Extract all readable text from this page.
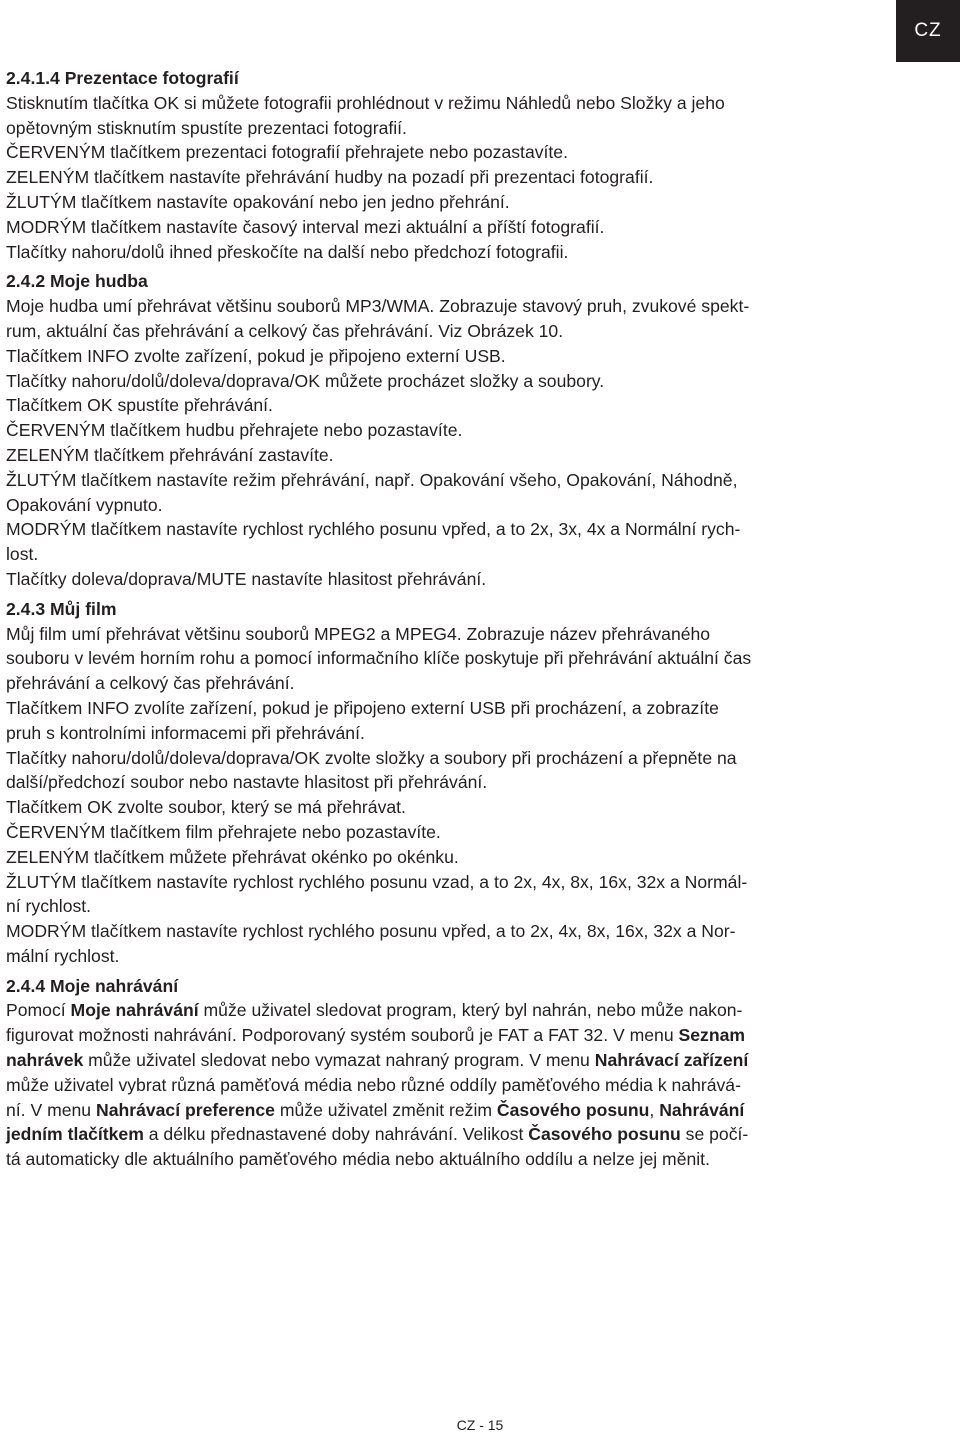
CZ
2.4.1.4 Prezentace fotografií
Stisknutím tlačítka OK si můžete fotografii prohlédnout v režimu Náhledů nebo Složky a jeho
opětovným stisknutím spustíte prezentaci fotografií.
ČERVENÝM tlačítkem prezentaci fotografií přehrajete nebo pozastavíte.
ZELENÝM tlačítkem nastavíte přehrávání hudby na pozadí při prezentaci fotografií.
ŽLUTÝM tlačítkem nastavíte opakování nebo jen jedno přehrání.
MODRÝM tlačítkem nastavíte časový interval mezi aktuální a příští fotografií.
Tlačítky nahoru/dolů ihned přeskočíte na další nebo předchozí fotografii.
2.4.2 Moje hudba
Moje hudba umí přehrávat většinu souborů MP3/WMA. Zobrazuje stavový pruh, zvukové spekt-
rum, aktuální čas přehrávání a celkový čas přehrávání. Viz Obrázek 10.
Tlačítkem INFO zvolte zařízení, pokud je připojeno externí USB.
Tlačítky nahoru/dolů/doleva/doprava/OK můžete procházet složky a soubory.
Tlačítkem OK spustíte přehrávání.
ČERVENÝM tlačítkem hudbu přehrajete nebo pozastavíte.
ZELENÝM tlačítkem přehrávání zastavíte.
ŽLUTÝM tlačítkem nastavíte režim přehrávání, např. Opakování všeho, Opakování, Náhodně,
Opakování vypnuto.
MODRÝM tlačítkem nastavíte rychlost rychlého posunu vpřed, a to 2x, 3x, 4x a Normální rych-
lost.
Tlačítky doleva/doprava/MUTE nastavíte hlasitost přehrávání.
2.4.3 Můj film
Můj film umí přehrávat většinu souborů MPEG2 a MPEG4. Zobrazuje název přehrávaného
souboru v levém horním rohu a pomocí informačního klíče poskytuje při přehrávání aktuální čas
přehrávání a celkový čas přehrávání.
Tlačítkem INFO zvolíte zařízení, pokud je připojeno externí USB při procházení, a zobrazíte
pruh s kontrolními informacemi při přehrávání.
Tlačítky nahoru/dolů/doleva/doprava/OK zvolte složky a soubory při procházení a přepněte na
další/předchozí soubor nebo nastavte hlasitost při přehrávání.
Tlačítkem OK zvolte soubor, který se má přehrávat.
ČERVENÝM tlačítkem film přehrajete nebo pozastavíte.
ZELENÝM tlačítkem můžete přehrávat okénko po okénku.
ŽLUTÝM tlačítkem nastavíte rychlost rychlého posunu vzad, a to 2x, 4x, 8x, 16x, 32x a Normál-
ní rychlost.
MODRÝM tlačítkem nastavíte rychlost rychlého posunu vpřed, a to 2x, 4x, 8x, 16x, 32x a Nor-
mální rychlost.
2.4.4 Moje nahrávání
Pomocí Moje nahrávání může uživatel sledovat program, který byl nahrán, nebo může nakon-
figurovat možnosti nahrávání. Podporovaný systém souborů je FAT a FAT 32. V menu Seznam
nahrávek může uživatel sledovat nebo vymazat nahraný program. V menu Nahrávací zařízení
může uživatel vybrat různá paměťová média nebo různé oddíly paměťového média k nahrává-
ní. V menu Nahrávací preference může uživatel změnit režim Časového posunu, Nahrávání
jedním tlačítkem a délku přednastavené doby nahrávání. Velikost Časového posunu se počí-
tá automaticky dle aktuálního paměťového média nebo aktuálního oddílu a nelze jej měnit.
CZ - 15
